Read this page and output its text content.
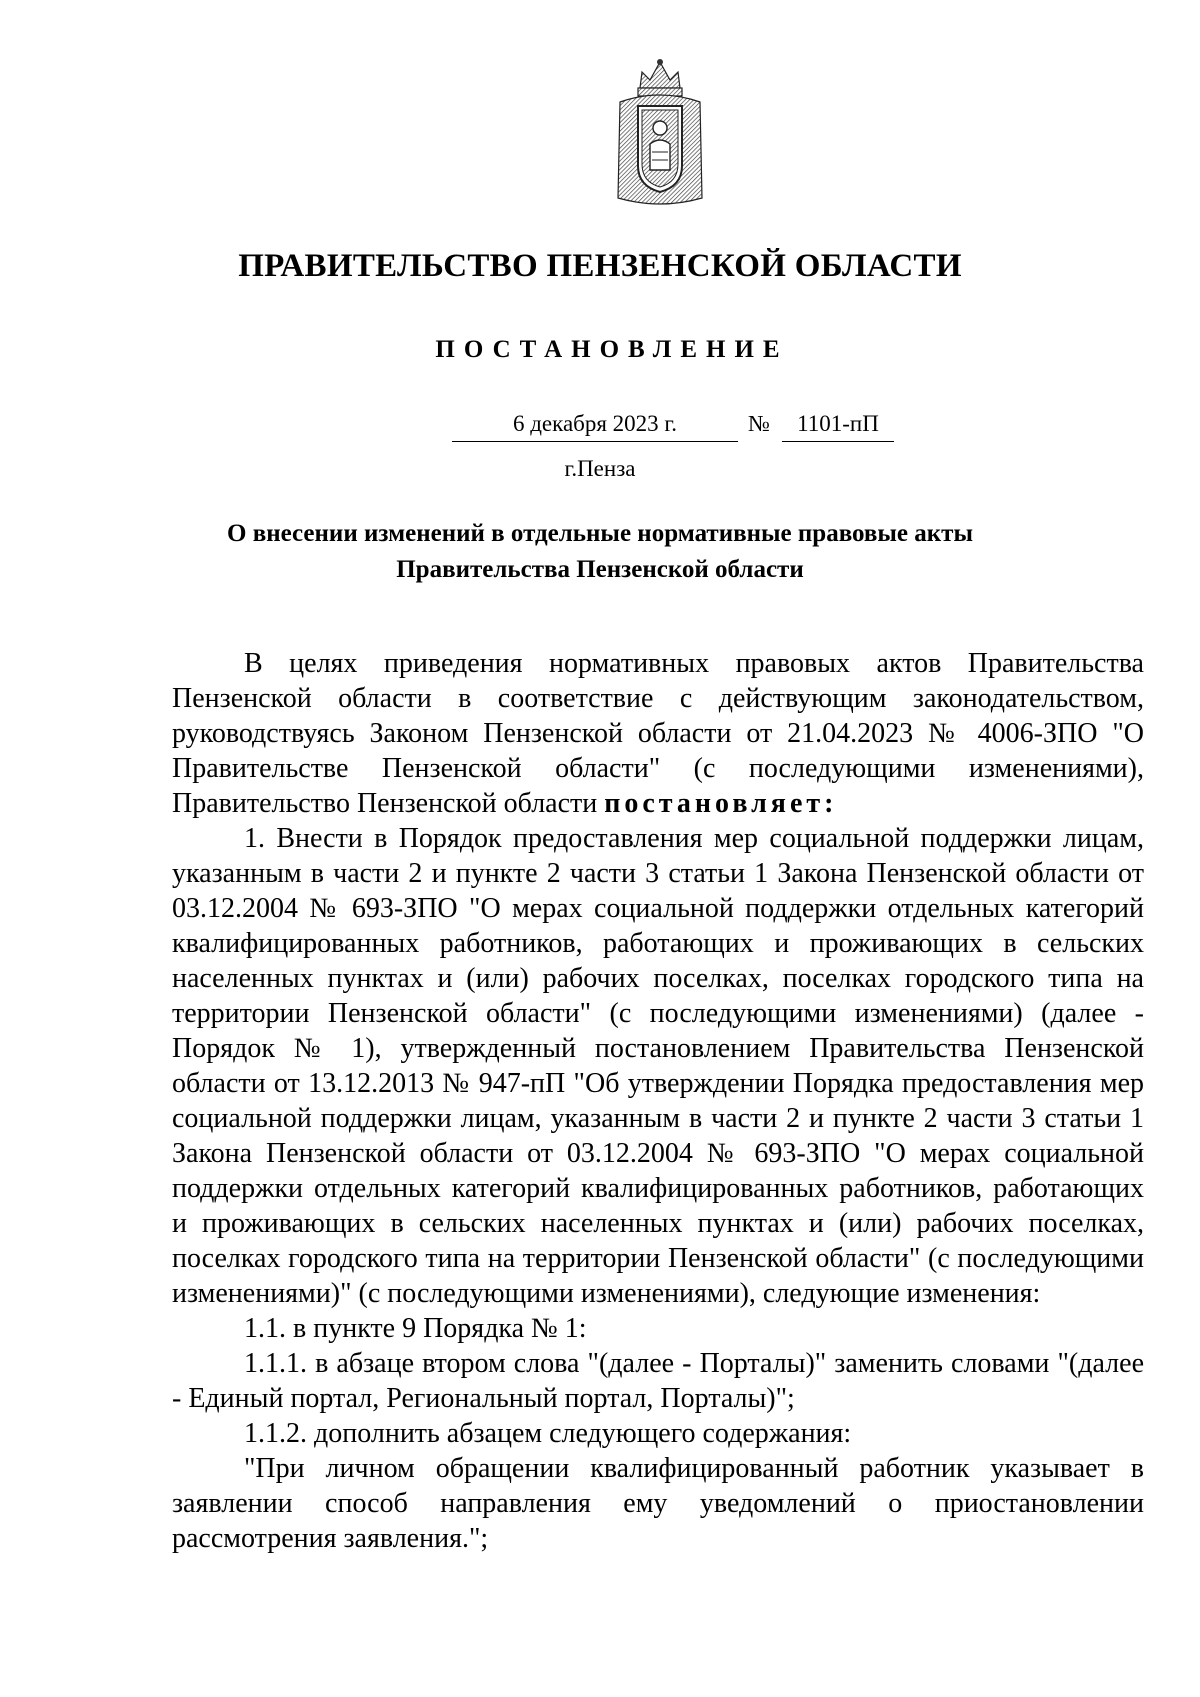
ПРАВИТЕЛЬСТВО ПЕНЗЕНСКОЙ ОБЛАСТИ
ПОСТАНОВЛЕНИЕ
6 декабря 2023 г.	№	1101-пП
г.Пенза
О внесении изменений в отдельные нормативные правовые акты
Правительства Пензенской области

В целях приведения нормативных правовых актов Правительства Пензенской области в соответствие с действующим законодательством, руководствуясь Законом Пензенской области от 21.04.2023 № 4006-ЗПО "О Правительстве Пензенской области" (с последующими изменениями), Правительство Пензенской области постановляет:

1. Внести в Порядок предоставления мер социальной поддержки лицам, указанным в части 2 и пункте 2 части 3 статьи 1 Закона Пензенской области от 03.12.2004 № 693-ЗПО "О мерах социальной поддержки отдельных категорий квалифицированных работников, работающих и проживающих в сельских населенных пунктах и (или) рабочих поселках, поселках городского типа на территории Пензенской области" (с последующими изменениями) (далее - Порядок № 1), утвержденный постановлением Правительства Пензенской области от 13.12.2013 № 947-пП "Об утверждении Порядка предоставления мер социальной поддержки лицам, указанным в части 2 и пункте 2 части 3 статьи 1 Закона Пензенской области от 03.12.2004 № 693-ЗПО "О мерах социальной поддержки отдельных категорий квалифицированных работников, работающих и проживающих в сельских населенных пунктах и (или) рабочих поселках, поселках городского типа на территории Пензенской области" (с последующими изменениями)" (с последующими изменениями), следующие изменения:

1.1. в пункте 9 Порядка № 1:

1.1.1. в абзаце втором слова "(далее - Порталы)" заменить словами "(далее - Единый портал, Региональный портал, Порталы)";

1.1.2. дополнить абзацем следующего содержания:

"При личном обращении квалифицированный работник указывает в заявлении способ направления ему уведомлений о приостановлении рассмотрения заявления.";
